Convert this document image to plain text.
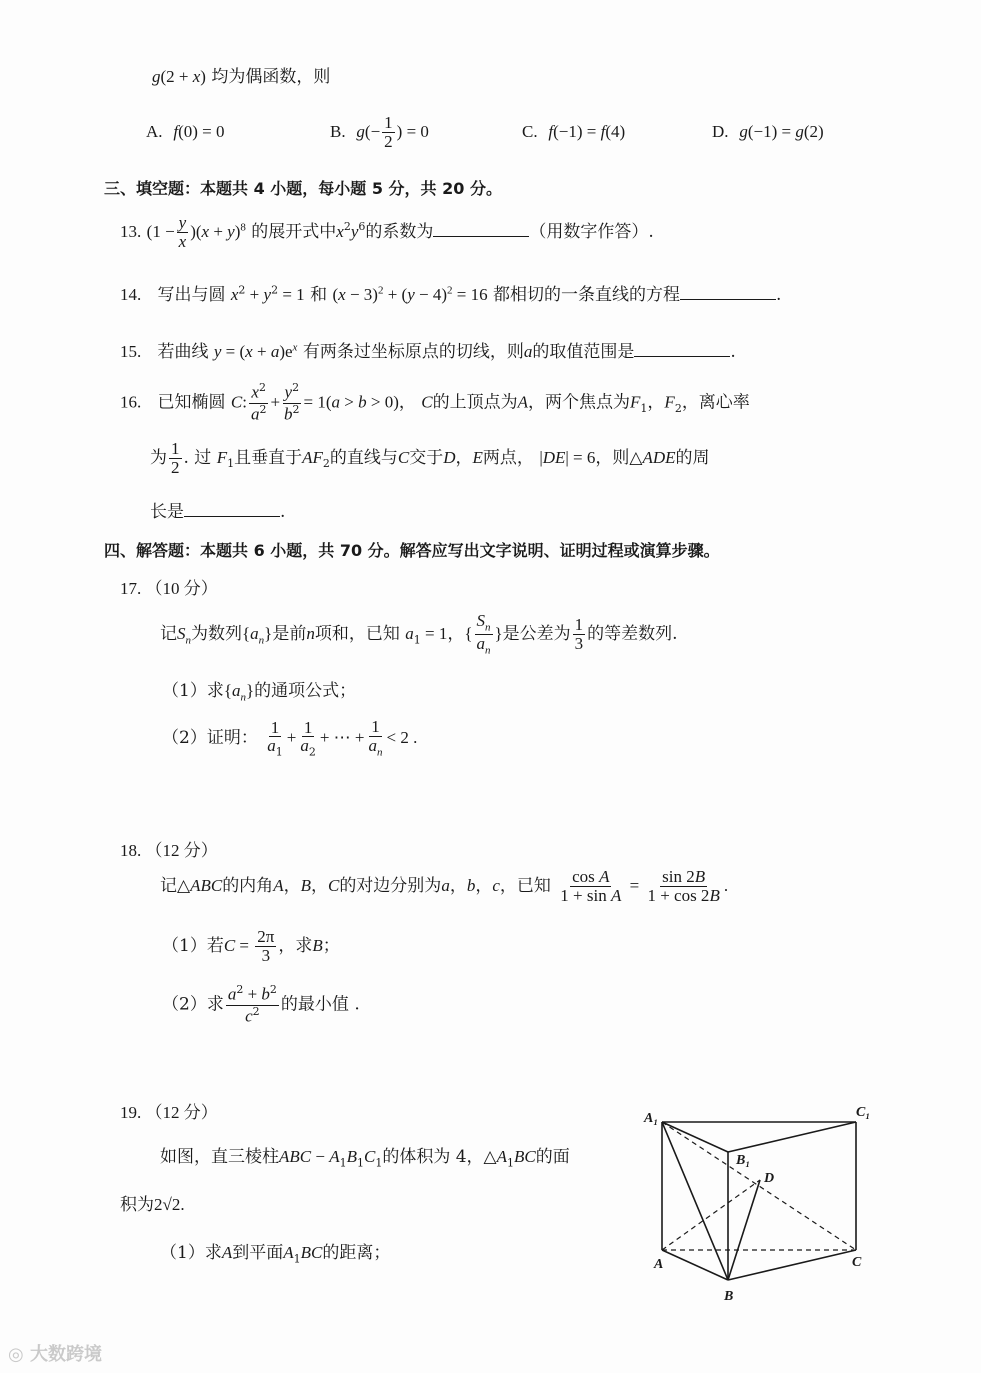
g(2 + x) 均为偶函数，则
A. f(0) = 0	B. $g(- \frac{1}{2}$ ) = 0	C. f(−1) = f(4)	D. g(−1) = g(2)
三、填空题：本题共 4 小题，每小题 5 分，共 20 分。
13. $(1 - \frac{y}{x} )(x + y)^8$ 的展开式中$x^2y^6$的系数为	（用数字作答）.
14. 写出与圆 $x^2 + y^2 = 1$ 和 $(x - 3)^2 + (y - 4)^2 = 16$ 都相切的一条直线的方程	.
15. 若曲线 $y = (x + a)e^x$ 有两条过坐标原点的切线，则a的取值范围是	.
16. 已知椭圆 C: $\frac{x^2}{a^2} + \frac{y^2}{b^2} = 1(a > b > 0)$， C的上顶点为A，两个焦点为$F_1$，$F_2$，离心率
为 $\frac{1}{2}$ . 过 $F_1$且垂直于$AF_2$的直线与C交于D，E两点， |DE| = 6，则△ADE的周
长是	.
四、解答题：本题共 6 小题，共 70 分。解答应写出文字说明、证明过程或演算步骤。
17. （10 分）
记$S_n$为数列$\{a_n\}$是前n项和，已知 $a_1 = 1$，{ $\frac{S_n}{a_n}$ }是公差为 $\frac{1}{3}$ 的等差数列.
（1）求$\{a_n\}$的通项公式；
（2）证明： $\frac{1}{a_1} + \frac{1}{a_2}$ + ⋯ + $\frac{1}{a_n} < 2$ .
18. （12 分）
记△ABC的内角A，B，C的对边分别为a，b，c，已知 $\frac{\text{cos A}}{\text{1 + sin A}} = \frac{\sin 2B}{1 + \cos 2B}$ .
（1）若$C = \frac{2\pi}{3}$ ，求B；
（2）求 $\frac{a^2 + b^2}{c^2}$ 的最小值 .
19. （12 分）
如图，直三棱柱ABC − $A_1B_1C_1$的体积为 4，$\triangle A_1BC$的面
积为2√2.
（1）求A到平面$A_1BC$的距离；
A₁	C₁
B₁
D
A	C
B
◎ 大数跨境
